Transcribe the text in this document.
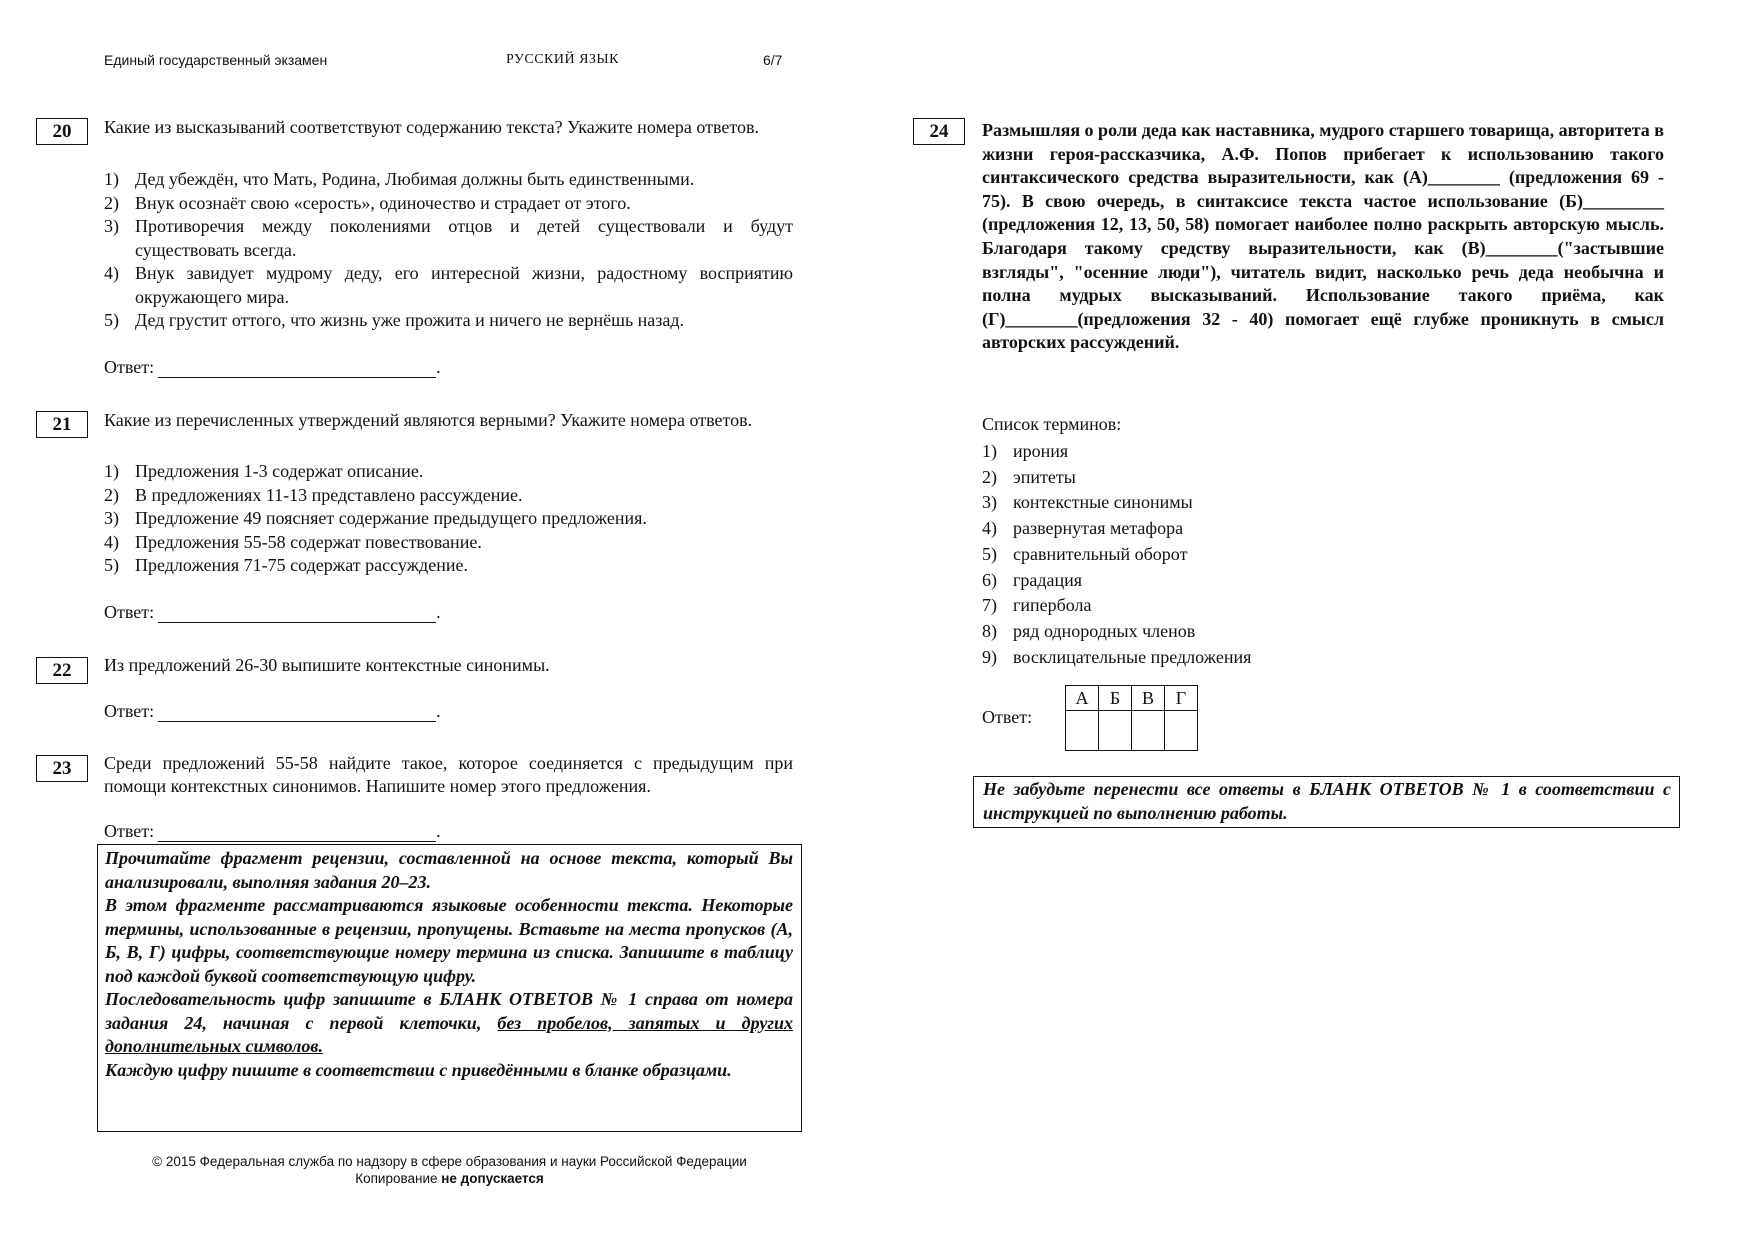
Единый государственный экзамен	РУССКИЙ ЯЗЫК	6/7
20	Какие из высказываний соответствуют содержанию текста? Укажите номера ответов.
1) Дед убеждён, что Мать, Родина, Любимая должны быть единственными.
2) Внук осознаёт свою «серость», одиночество и страдает от этого.
3) Противоречия между поколениями отцов и детей существовали и будут существовать всегда.
4) Внук завидует мудрому деду, его интересной жизни, радостному восприятию окружающего мира.
5) Дед грустит оттого, что жизнь уже прожита и ничего не вернёшь назад.
Ответ:	.
21	Какие из перечисленных утверждений являются верными? Укажите номера ответов.
1) Предложения 1-3 содержат описание.
2) В предложениях 11-13 представлено рассуждение.
3) Предложение 49 поясняет содержание предыдущего предложения.
4) Предложения 55-58 содержат повествование.
5) Предложения 71-75 содержат рассуждение.
Ответ:	.
22	Из предложений 26-30 выпишите контекстные синонимы.
Ответ:	.
23	Среди предложений 55-58 найдите такое, которое соединяется с предыдущим при помощи контекстных синонимов. Напишите номер этого предложения.
Ответ:	.

Прочитайте фрагмент рецензии, составленной на основе текста, который Вы анализировали, выполняя задания 20–23.

В этом фрагменте рассматриваются языковые особенности текста. Некоторые термины, использованные в рецензии, пропущены. Вставьте на места пропусков (А, Б, В, Г) цифры, соответствующие номеру термина из списка. Запишите в таблицу под каждой буквой соответствующую цифру.

Последовательность цифр запишите в БЛАНК ОТВЕТОВ № 1 справа от номера задания 24, начиная с первой клеточки, без пробелов, запятых и других дополнительных символов.

Каждую цифру пишите в соответствии с приведёнными в бланке образцами.

© 2015 Федеральная служба по надзору в сфере образования и науки Российской Федерации
Копирование не допускается
24	Размышляя о роли деда как наставника, мудрого старшего товарища, авторитета в жизни героя-рассказчика, А.Ф. Попов прибегает к использованию такого синтаксического средства выразительности, как (А)________ (предложения 69 - 75). В свою очередь, в синтаксисе текста частое использование (Б)_________ (предложения 12, 13, 50, 58) помогает наиболее полно раскрыть авторскую мысль. Благодаря такому средству выразительности, как (В)________("застывшие взгляды", "осенние люди"), читатель видит, насколько речь деда необычна и полна мудрых высказываний. Использование такого приёма, как (Г)________(предложения 32 - 40) помогает ещё глубже проникнуть в смысл авторских рассуждений.
Список терминов:
1) ирония
2) эпитеты
3) контекстные синонимы
4) развернутая метафора
5) сравнительный оборот
6) градация
7) гипербола
8) ряд однородных членов
9) восклицательные предложения
Ответ:
А	Б	В	Г

Не забудьте перенести все ответы в БЛАНК ОТВЕТОВ № 1 в соответствии с инструкцией по выполнению работы.
